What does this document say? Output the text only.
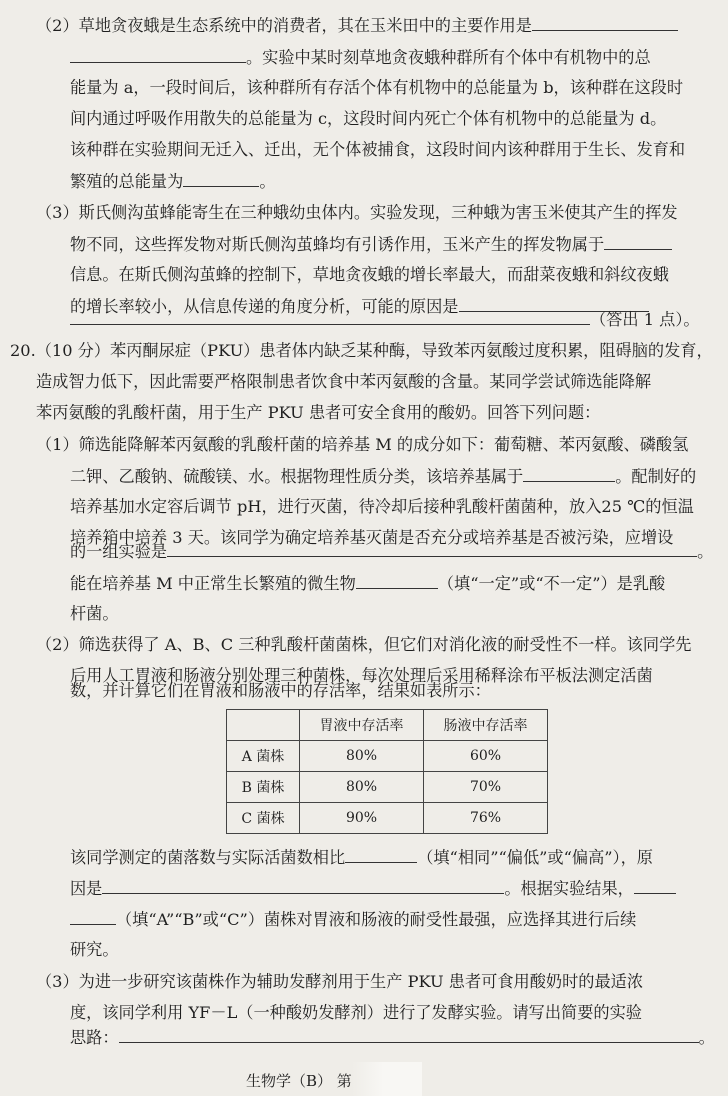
（2）草地贪夜蛾是生态系统中的消费者，其在玉米田中的主要作用是
。实验中某时刻草地贪夜蛾种群所有个体中有机物中的总
能量为 a，一段时间后，该种群所有存活个体有机物中的总能量为 b，该种群在这段时
间内通过呼吸作用散失的总能量为 c，这段时间内死亡个体有机物中的总能量为 d。
该种群在实验期间无迁入、迁出，无个体被捕食，这段时间内该种群用于生长、发育和
繁殖的总能量为	。
（3）斯氏侧沟茧蜂能寄生在三种蛾幼虫体内。实验发现，三种蛾为害玉米使其产生的挥发
物不同，这些挥发物对斯氏侧沟茧蜂均有引诱作用，玉米产生的挥发物属于
信息。在斯氏侧沟茧蜂的控制下，草地贪夜蛾的增长率最大，而甜菜夜蛾和斜纹夜蛾
的增长率较小，从信息传递的角度分析，可能的原因是
（答出 1 点）。
20.（10 分）苯丙酮尿症（PKU）患者体内缺乏某种酶，导致苯丙氨酸过度积累，阻碍脑的发育，
造成智力低下，因此需要严格限制患者饮食中苯丙氨酸的含量。某同学尝试筛选能降解
苯丙氨酸的乳酸杆菌，用于生产 PKU 患者可安全食用的酸奶。回答下列问题：
（1）筛选能降解苯丙氨酸的乳酸杆菌的培养基 M 的成分如下：葡萄糖、苯丙氨酸、磷酸氢
二钾、乙酸钠、硫酸镁、水。根据物理性质分类，该培养基属于	。配制好的
培养基加水定容后调节 pH，进行灭菌，待冷却后接种乳酸杆菌菌种，放入25 ℃的恒温
培养箱中培养 3 天。该同学为确定培养基灭菌是否充分或培养基是否被污染，应增设
的一组实验是	。
能在培养基 M 中正常生长繁殖的微生物	（填“一定”或“不一定”）是乳酸
杆菌。
（2）筛选获得了 A、B、C 三种乳酸杆菌菌株，但它们对消化液的耐受性不一样。该同学先
后用人工胃液和肠液分别处理三种菌株，每次处理后采用稀释涂布平板法测定活菌
数，并计算它们在胃液和肠液中的存活率，结果如表所示：
	胃液中存活率	肠液中存活率
A 菌株	80%	60%
B 菌株	80%	70%
C 菌株	90%	76%
该同学测定的菌落数与实际活菌数相比	（填“相同”“偏低”或“偏高”），原
因是	。根据实验结果，
（填“A”“B”或“C”）菌株对胃液和肠液的耐受性最强，应选择其进行后续
研究。
（3）为进一步研究该菌株作为辅助发酵剂用于生产 PKU 患者可食用酸奶时的最适浓
度，该同学利用 YF－L（一种酸奶发酵剂）进行了发酵实验。请写出简要的实验
思路：	。
生物学（B） 第
